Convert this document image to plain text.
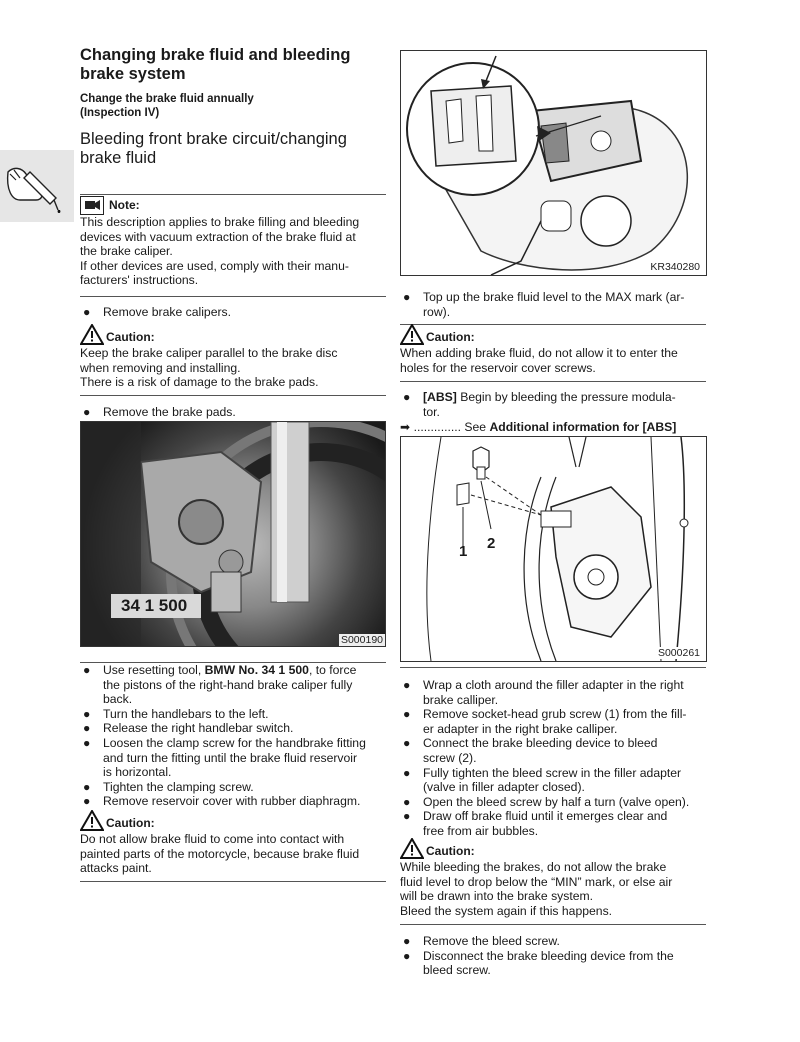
Changing brake fluid and bleeding brake system
Change the brake fluid annually (Inspection IV)
Bleeding front brake circuit/changing brake fluid
Note:
This description applies to brake filling and bleeding
devices with vacuum extraction of the brake fluid at
the brake caliper.
If other devices are used, comply with their manu-
facturers' instructions.
●	Remove brake calipers.
Caution:
Keep the brake caliper parallel to the brake disc
when removing and installing.
There is a risk of damage to the brake pads.
●	Remove the brake pads.
34 1 500
S000190
●	Use resetting tool, BMW No. 34 1 500, to force
the pistons of the right-hand brake caliper fully
back.
●	Turn the handlebars to the left.
●	Release the right handlebar switch.
●	Loosen the clamp screw for the handbrake fitting
and turn the fitting until the brake fluid reservoir
is horizontal.
●	Tighten the clamping screw.
●	Remove reservoir cover with rubber diaphragm.
Caution:
Do not allow brake fluid to come into contact with
painted parts of the motorcycle, because brake fluid
attacks paint.
KR340280
●	Top up the brake fluid level to the MAX mark (ar-
row).
Caution:
When adding brake fluid, do not allow it to enter the
holes for the reservoir cover screws.
●	[ABS] Begin by bleeding the pressure modula-
tor.
➡ .............. See Additional information for [ABS]
1 2
S000261
●	Wrap a cloth around the filler adapter in the right
brake calliper.
●	Remove socket-head grub screw (1) from the fill-
er adapter in the right brake calliper.
●	Connect the brake bleeding device to bleed
screw (2).
●	Fully tighten the bleed screw in the filler adapter
(valve in filler adapter closed).
●	Open the bleed screw by half a turn (valve open).
●	Draw off brake fluid until it emerges clear and
free from air bubbles.
Caution:
While bleeding the brakes, do not allow the brake
fluid level to drop below the “MIN” mark, or else air
will be drawn into the brake system.
Bleed the system again if this happens.
●	Remove the bleed screw.
●	Disconnect the brake bleeding device from the
bleed screw.
